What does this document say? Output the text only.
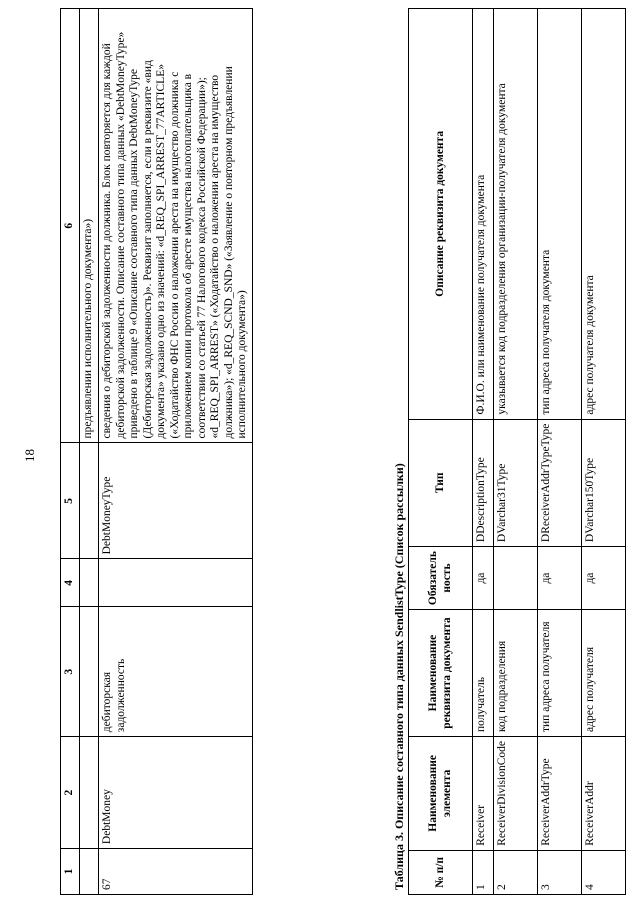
18
1	2	3	4	5	6
					предъявлении исполнительного документа»)
67	DebtMoney	дебиторская задолженность		DebtMoneyType	сведения о дебиторской задолженности должника. Блок повторяется для каждой дебиторской задолженности. Описание составного типа данных «DebtMoneyType» приведено в таблице 9 «Описание составного типа данных DebtMoneyType (Дебиторская задолженность)». Реквизит заполняется, если в реквизите «вид документа» указано одно из значений: «d_REQ_SPI_ARREST_77ARTICLE» («Ходатайство ФНС России о наложении ареста на имущество должника с приложением копии протокола об аресте имущества налогоплательщика в соответствии со статьей 77 Налогового кодекса Российской Федерации»); «d_REQ_SPI_ARREST» («Ходатайство о наложении ареста на имущество должника»); «d_REQ_SCND_SND» («Заявление о повторном предъявлении исполнительного документа»)
Таблица 3. Описание составного типа данных SendlistType (Список рассылки) № п/п	Наименование элемента	Наименование реквизита документа	Обязатель ность	Тип	Описание реквизита документа
1	Receiver	получатель	да	DDescriptionType	Ф.И.О. или наименование получателя документа
2	ReceiverDivisionCode	код подразделения		DVarchar31Type	указывается код подразделения организации-получателя документа
3	ReceiverAddrType	тип адреса получателя	да	DReceiverAddrTypeType	тип адреса получателя документа
4	ReceiverAddr	адрес получателя	да	DVarchar150Type	адрес получателя документа
